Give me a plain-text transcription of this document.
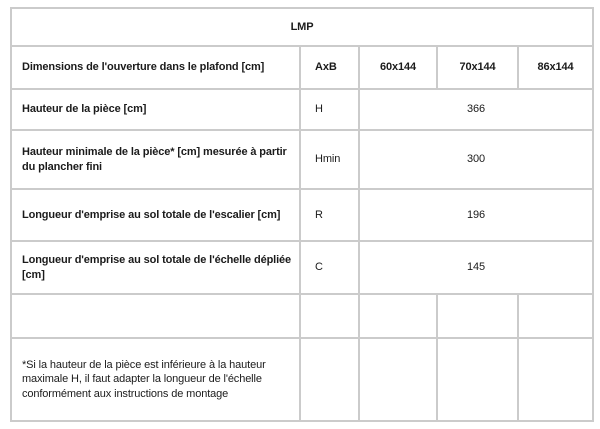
LMP				
Dimensions de l'ouverture dans le plafond [cm]	AxB	60x144	70x144	86x144
Hauteur de la pièce [cm]	H	366		
Hauteur minimale de la pièce* [cm] mesurée à partir du plancher fini	Hmin	300		
Longueur d'emprise au sol totale de l'escalier [cm]	R	196		
Longueur d'emprise au sol totale de l'échelle dépliée [cm]	C	145		

*Si la hauteur de la pièce est inférieure à la hauteur maximale H, il faut adapter la longueur de l'échelle conformément aux instructions de montage				
